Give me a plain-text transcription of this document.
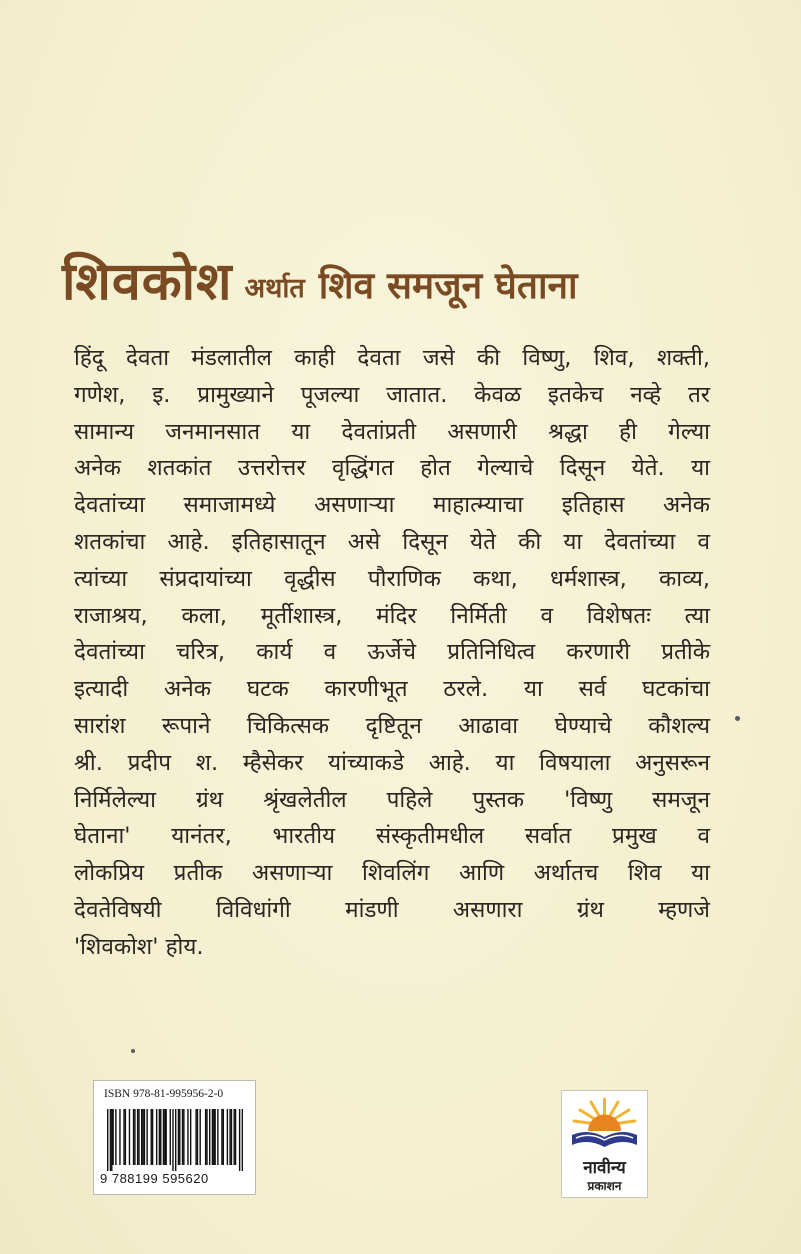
शिवकोश अर्थात शिव समजून घेताना
हिंदू देवता मंडलातील काही देवता जसे की विष्णु, शिव, शक्ती,
गणेश, इ. प्रामुख्याने पूजल्या जातात. केवळ इतकेच नव्हे तर
सामान्य जनमानसात या देवतांप्रती असणारी श्रद्धा ही गेल्या
अनेक शतकांत उत्तरोत्तर वृद्धिंगत होत गेल्याचे दिसून येते. या
देवतांच्या समाजामध्ये असणाऱ्या माहात्म्याचा इतिहास अनेक
शतकांचा आहे. इतिहासातून असे दिसून येते की या देवतांच्या व
त्यांच्या संप्रदायांच्या वृद्धीस पौराणिक कथा, धर्मशास्त्र, काव्य,
राजाश्रय, कला, मूर्तीशास्त्र, मंदिर निर्मिती व विशेषतः त्या
देवतांच्या चरित्र, कार्य व ऊर्जेचे प्रतिनिधित्व करणारी प्रतीके
इत्यादी अनेक घटक कारणीभूत ठरले. या सर्व घटकांचा
सारांश रूपाने चिकित्सक दृष्टितून आढावा घेण्याचे कौशल्य
श्री. प्रदीप श. म्हैसेकर यांच्याकडे आहे. या विषयाला अनुसरून
निर्मिलेल्या ग्रंथ श्रृंखलेतील पहिले पुस्तक 'विष्णु समजून
घेताना' यानंतर, भारतीय संस्कृतीमधील सर्वात प्रमुख व
लोकप्रिय प्रतीक असणाऱ्या शिवलिंग आणि अर्थातच शिव या
देवतेविषयी विविधांगी मांडणी असणारा ग्रंथ म्हणजे
'शिवकोश' होय.
ISBN 978-81-995956-2-0
9 788199 595620
नावीन्य
प्रकाशन
